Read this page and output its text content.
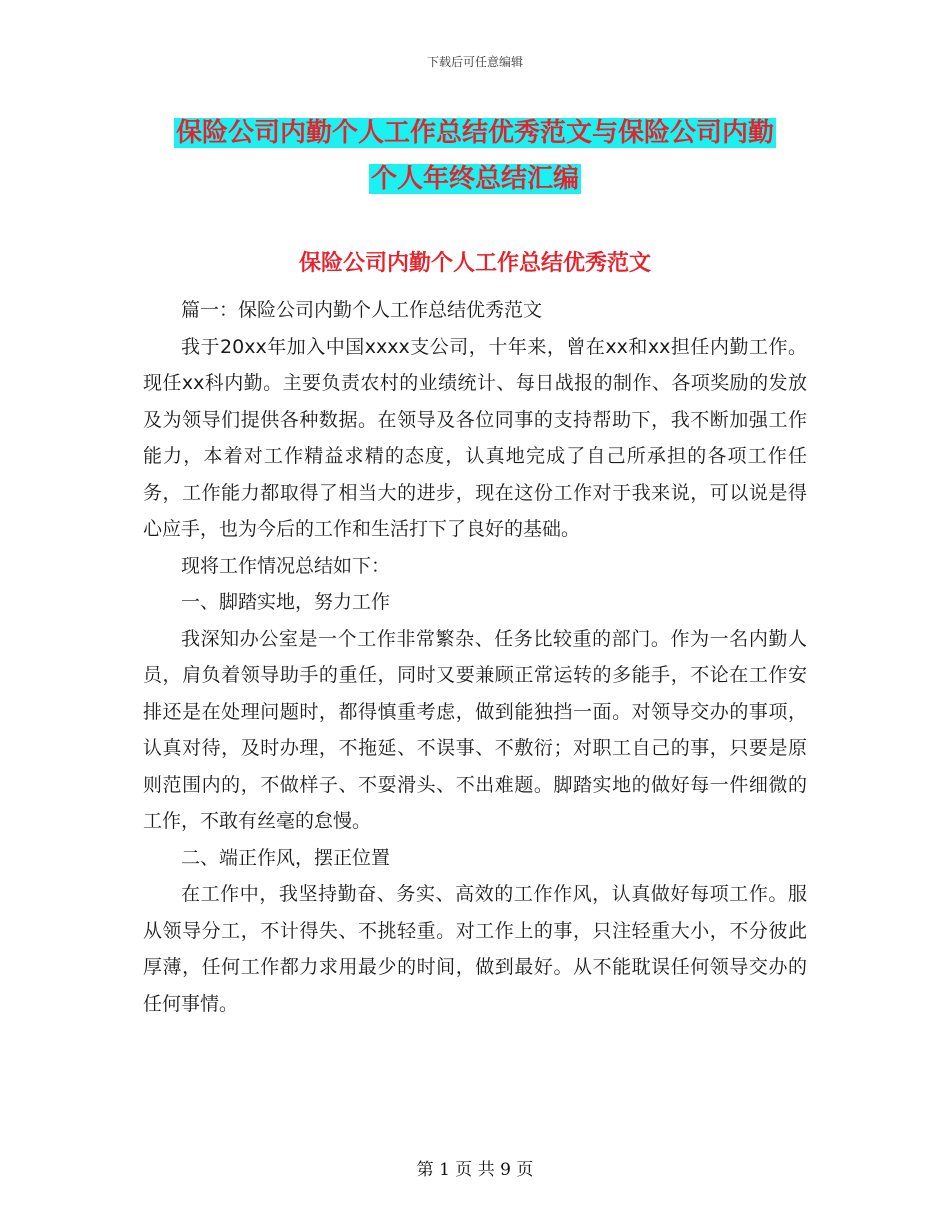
下载后可任意编辑
保险公司内勤个人工作总结优秀范文与保险公司内勤
个人年终总结汇编
保险公司内勤个人工作总结优秀范文

篇一：保险公司内勤个人工作总结优秀范文

我于20xx年加入中国xxxx支公司，十年来，曾在xx和xx担任内勤工作。现任xx科内勤。主要负责农村的业绩统计、每日战报的制作、各项奖励的发放及为领导们提供各种数据。在领导及各位同事的支持帮助下，我不断加强工作能力，本着对工作精益求精的态度，认真地完成了自己所承担的各项工作任务，工作能力都取得了相当大的进步，现在这份工作对于我来说，可以说是得心应手，也为今后的工作和生活打下了良好的基础。

现将工作情况总结如下：

一、脚踏实地，努力工作

我深知办公室是一个工作非常繁杂、任务比较重的部门。作为一名内勤人员，肩负着领导助手的重任，同时又要兼顾正常运转的多能手，不论在工作安排还是在处理问题时，都得慎重考虑，做到能独挡一面。对领导交办的事项，认真对待，及时办理，不拖延、不误事、不敷衍；对职工自己的事，只要是原则范围内的，不做样子、不耍滑头、不出难题。脚踏实地的做好每一件细微的工作，不敢有丝毫的怠慢。

二、端正作风，摆正位置

在工作中，我坚持勤奋、务实、高效的工作作风，认真做好每项工作。服从领导分工，不计得失、不挑轻重。对工作上的事，只注轻重大小，不分彼此厚薄，任何工作都力求用最少的时间，做到最好。从不能耽误任何领导交办的任何事情。

第 1 页 共 9 页
